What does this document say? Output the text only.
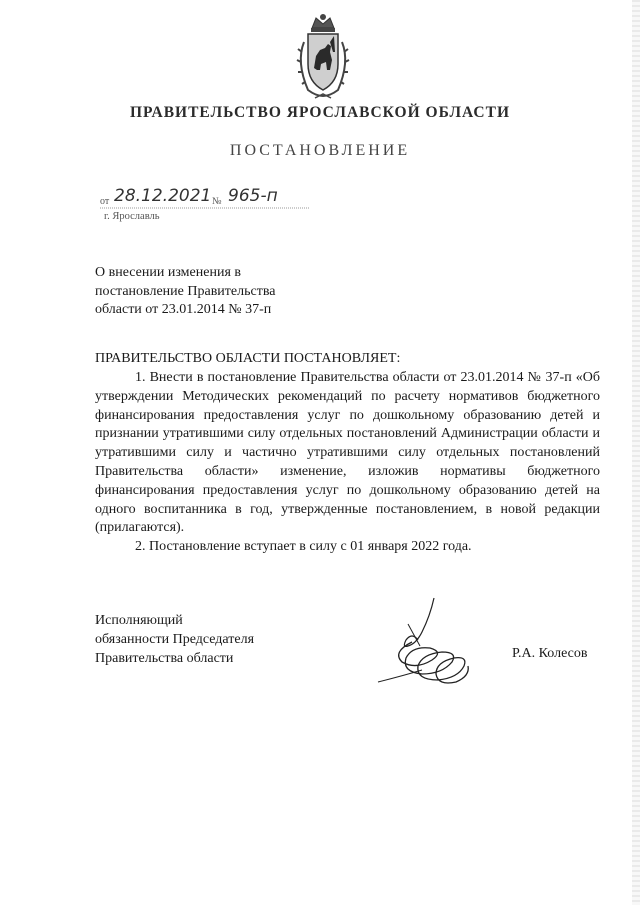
ПРАВИТЕЛЬСТВО ЯРОСЛАВСКОЙ ОБЛАСТИ
ПОСТАНОВЛЕНИЕ
от 28.12.2021 № 965-п
г. Ярославль
О внесении изменения в
постановление Правительства
области от 23.01.2014 № 37-п
ПРАВИТЕЛЬСТВО ОБЛАСТИ ПОСТАНОВЛЯЕТ:

1. Внести в постановление Правительства области от 23.01.2014 № 37-п «Об утверждении Методических рекомендаций по расчету нормативов бюджетного финансирования предоставления услуг по дошкольному образованию детей и признании утратившими силу отдельных постановлений Администрации области и утратившими силу и частично утратившими силу отдельных постановлений Правительства области» изменение, изложив нормативы бюджетного финансирования предоставления услуг по дошкольному образованию детей на одного воспитанника в год, утвержденные постановлением, в новой редакции (прилагаются).

2. Постановление вступает в силу с 01 января 2022 года.

Исполняющий
обязанности Председателя
Правительства области	Р.А. Колесов
